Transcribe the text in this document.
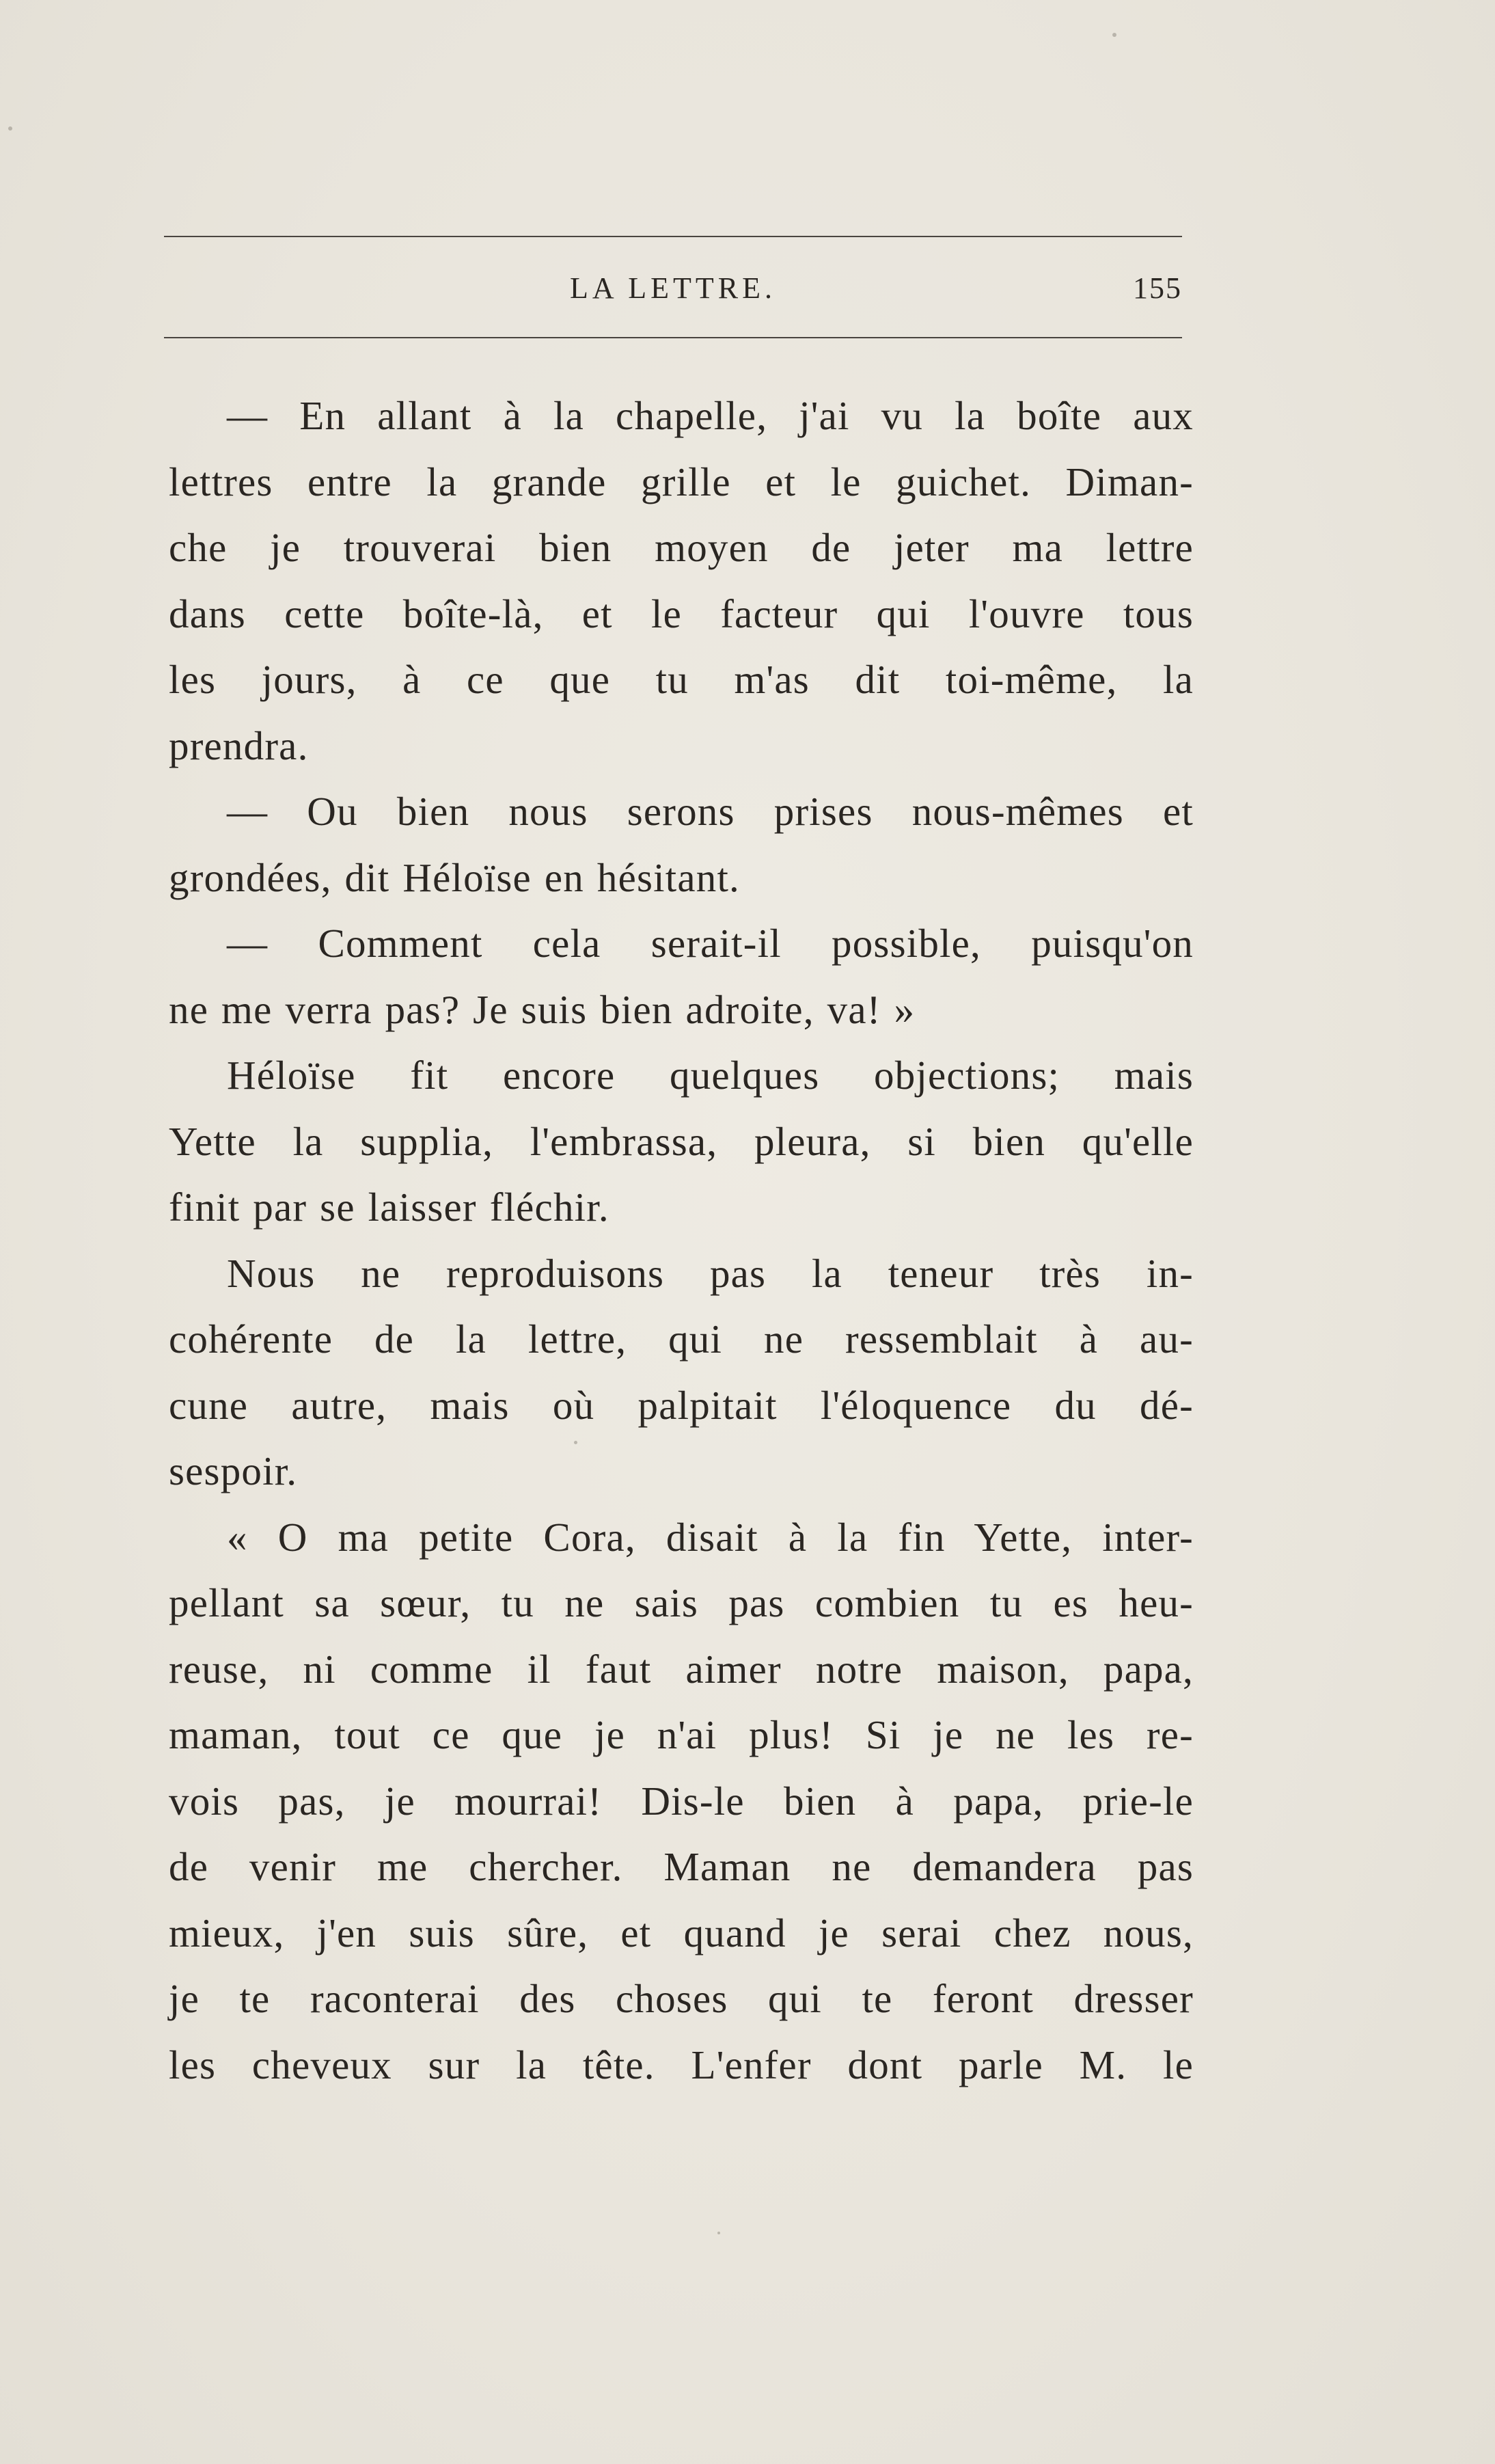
LA LETTRE.	155
— En allant à la chapelle, j'ai vu la boîte aux
lettres entre la grande grille et le guichet. Diman-
che je trouverai bien moyen de jeter ma lettre
dans cette boîte-là, et le facteur qui l'ouvre tous
les jours, à ce que tu m'as dit toi-même, la
prendra.
— Ou bien nous serons prises nous-mêmes et
grondées, dit Héloïse en hésitant.
— Comment cela serait-il possible, puisqu'on
ne me verra pas? Je suis bien adroite, va! »
Héloïse fit encore quelques objections; mais
Yette la supplia, l'embrassa, pleura, si bien qu'elle
finit par se laisser fléchir.
Nous ne reproduisons pas la teneur très in-
cohérente de la lettre, qui ne ressemblait à au-
cune autre, mais où palpitait l'éloquence du dé-
sespoir.
« O ma petite Cora, disait à la fin Yette, inter-
pellant sa sœur, tu ne sais pas combien tu es heu-
reuse, ni comme il faut aimer notre maison, papa,
maman, tout ce que je n'ai plus! Si je ne les re-
vois pas, je mourrai! Dis-le bien à papa, prie-le
de venir me chercher. Maman ne demandera pas
mieux, j'en suis sûre, et quand je serai chez nous,
je te raconterai des choses qui te feront dresser
les cheveux sur la tête. L'enfer dont parle M. le
